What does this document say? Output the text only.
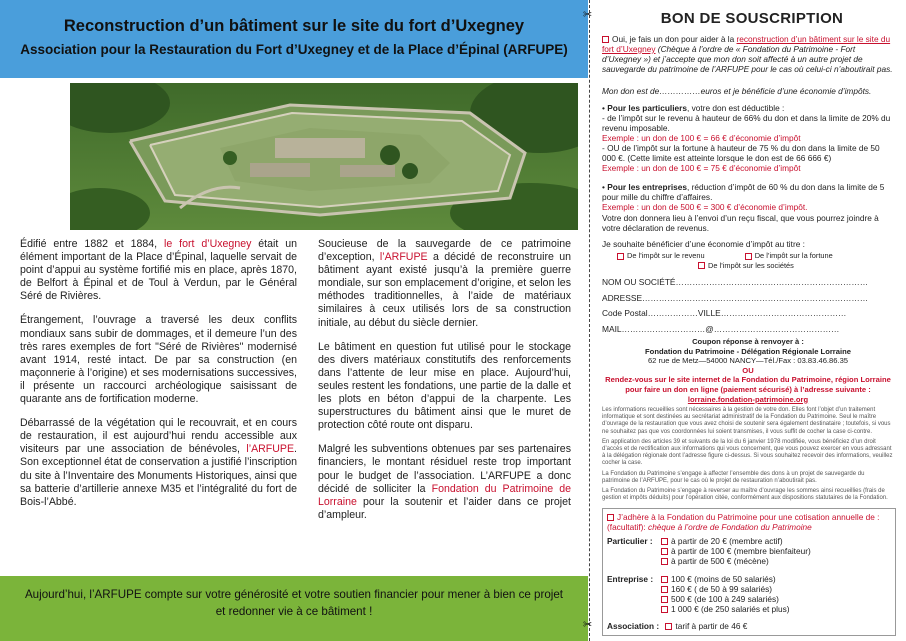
Reconstruction d’un bâtiment sur le site du fort d’Uxegney
Association pour la Restauration du Fort d’Uxegney et de la Place d’Épinal (ARFUPE)

Édifié entre 1882 et 1884, le fort d’Uxegney était un élément important de la Place d’Épinal, laquelle servait de point d’appui au système fortifié mis en place, après 1870, de Belfort à Épinal et de Toul à Verdun, par le Général Séré de Rivières.

Étrangement, l’ouvrage a traversé les deux conflits mondiaux sans subir de dommages, et il demeure l’un des très rares exemples de fort "Séré de Rivières" modernisé avant 1914, resté intact. De par sa construction (en maçonnerie à l’origine) et ses modernisations successives, il présente un raccourci archéologique saisissant de quarante ans de fortification moderne.

Débarrassé de la végétation qui le recouvrait, et en cours de restauration, il est aujourd’hui rendu accessible aux visiteurs par une association de bénévoles, l’ARFUPE. Son exceptionnel état de conservation a justifié l’inscription du site à l’Inventaire des Monuments Historiques, ainsi que sa batterie d’artillerie annexe M35 et l’intégralité du fort de Bois-l’Abbé.

Soucieuse de la sauvegarde de ce patrimoine d’exception, l’ARFUPE a décidé de reconstruire un bâtiment ayant existé jusqu’à la première guerre mondiale, sur son emplacement d’origine, et selon les méthodes traditionnelles, à l’aide de matériaux similaires à ceux utilisés lors de sa construction initiale, au début du siècle dernier.

Le bâtiment en question fut utilisé pour le stockage des divers matériaux constitutifs des renforcements dans l’attente de leur mise en place. Aujourd’hui, seules restent les fondations, une partie de la dalle et les plots en béton d’appui de la charpente. Les superstructures du bâtiment ainsi que le muret de protection côté route ont disparu.

Malgré les subventions obtenues par ses partenaires financiers, le montant résiduel reste trop important pour le budget de l’association. L’ARFUPE a donc décidé de solliciter la Fondation du Patrimoine de Lorraine pour la soutenir et l’aider dans ce projet d’ampleur.

Aujourd’hui, l’ARFUPE compte sur votre générosité et votre soutien financier pour mener à bien ce projet et redonner vie à ce bâtiment !
✂
✂
BON DE SOUSCRIPTION
Oui, je fais un don pour aider à la reconstruction d’un bâtiment sur le site du fort d’Uxegney (Chèque à l’ordre de « Fondation du Patrimoine - Fort d’Uxegney ») et j’accepte que mon don soit affecté à un autre projet de sauvegarde du patrimoine de l’ARFUPE pour le cas où celui-ci n’aboutirait pas.
Mon don est de……………euros et je bénéficie d’une économie d’impôts.
• Pour les particuliers, votre don est déductible :
- de l’impôt sur le revenu à hauteur de 66% du don et dans la limite de 20% du revenu imposable.
Exemple : un don de 100 € = 66 € d’économie d’impôt
- OU de l’impôt sur la fortune à hauteur de 75 % du don dans la limite de 50 000 €. (Cette limite est atteinte lorsque le don est de 66 666 €)
Exemple : un don de 100 € = 75 € d’économie d’impôt
• Pour les entreprises, réduction d’impôt de 60 % du don dans la limite de 5 pour mille du chiffre d’affaires.
Exemple : un don de 500 € = 300 € d’économie d’impôt.
Votre don donnera lieu à l’envoi d’un reçu fiscal, que vous pourrez joindre à votre déclaration de revenus.
Je souhaite bénéficier d’une économie d’impôt au titre :
De l’impôt sur le revenu	De l’impôt sur la fortune
De l’impôt sur les sociétés
NOM OU SOCIÉTÉ……………………………………………………………
ADRESSE………………………………………………………………………
Code Postal………………VILLE………………………………………
MAIL…………………………@………………………………………
Coupon réponse à renvoyer à :
Fondation du Patrimoine - Délégation Régionale Lorraine
62 rue de Metz—54000 NANCY—Tél./Fax : 03.83.46.86.35
OU
Rendez-vous sur le site internet de la Fondation du Patrimoine, région Lorraine pour faire un don en ligne (paiement sécurisé) à l’adresse suivante :
lorraine.fondation-patrimoine.org
Les informations recueillies sont nécessaires à la gestion de votre don. Elles font l’objet d’un traitement informatique et sont destinées au secrétariat administratif de la Fondation du Patrimoine. Seul le maître d’ouvrage de la restauration que vous avez choisi de soutenir sera également destinataire ; toutefois, si vous ne souhaitez pas que vos coordonnées lui soient transmises, il vous suffit de cocher la case ci-contre.
En application des articles 39 et suivants de la loi du 6 janvier 1978 modifiée, vous bénéficiez d’un droit d’accès et de rectification aux informations qui vous concernent, que vous pouvez exercer en vous adressant à la délégation régionale dont l’adresse figure ci-dessus. Si vous souhaitez recevoir des informations, veuillez cocher la case.
La Fondation du Patrimoine s’engage à affecter l’ensemble des dons à un projet de sauvegarde du patrimoine de l’ARFUPE, pour le cas où le projet de restauration n’aboutirait pas.
La Fondation du Patrimoine s’engage à reverser au maître d’ouvrage les sommes ainsi recueillies (frais de gestion et impôts déduits) pour l’opération citée, conformément aux dispositions statutaires de la Fondation.
J’adhère à la Fondation du Patrimoine pour une cotisation annuelle de :
(facultatif): chèque à l’ordre de Fondation du Patrimoine
Particulier :	à partir de 20 € (membre actif)
à partir de 100 € (membre bienfaiteur)
à partir de 500 € (mécène)
Entreprise :	100 € (moins de 50 salariés)
160 € ( de 50 à 99 salariés)
500 € (de 100 à 249 salariés)
1 000 € (de 250 salariés et plus)
Association : tarif à partir de 46 €
